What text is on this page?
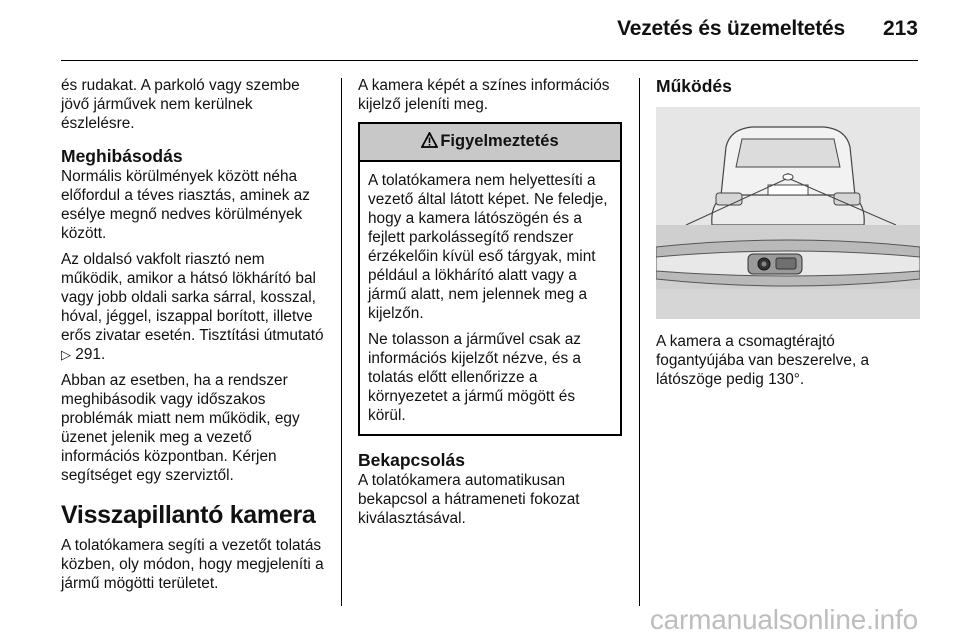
Vezetés és üzemeltetés 213

és rudakat. A parkoló vagy szembe jövő járművek nem kerülnek észlelésre.

Meghibásodás

Normális körülmények között néha előfordul a téves riasztás, aminek az esélye megnő nedves körülmények között.

Az oldalsó vakfolt riasztó nem működik, amikor a hátsó lökhárító bal vagy jobb oldali sarka sárral, kosszal, hóval, jéggel, iszappal borított, illetve erős zivatar esetén. Tisztítási útmutató ▷ 291.

Abban az esetben, ha a rendszer meghibásodik vagy időszakos problémák miatt nem működik, egy üzenet jelenik meg a vezető információs központban. Kérjen segítséget egy szerviztől.

Visszapillantó kamera

A tolatókamera segíti a vezetőt tolatás közben, oly módon, hogy megjeleníti a jármű mögötti területet.

A kamera képét a színes információs kijelző jeleníti meg.

Figyelmeztetés

A tolatókamera nem helyettesíti a vezető által látott képet. Ne feledje, hogy a kamera látószögén és a fejlett parkolássegítő rendszer érzékelőin kívül eső tárgyak, mint például a lökhárító alatt vagy a jármű alatt, nem jelennek meg a kijelzőn.

Ne tolasson a járművel csak az információs kijelzőt nézve, és a tolatás előtt ellenőrizze a környezetet a jármű mögött és körül.

Bekapcsolás

A tolatókamera automatikusan bekapcsol a hátrameneti fokozat kiválasztásával.

Működés

A kamera a csomagtérajtó fogantyújába van beszerelve, a látószöge pedig 130°.

carmanualsonline.info
